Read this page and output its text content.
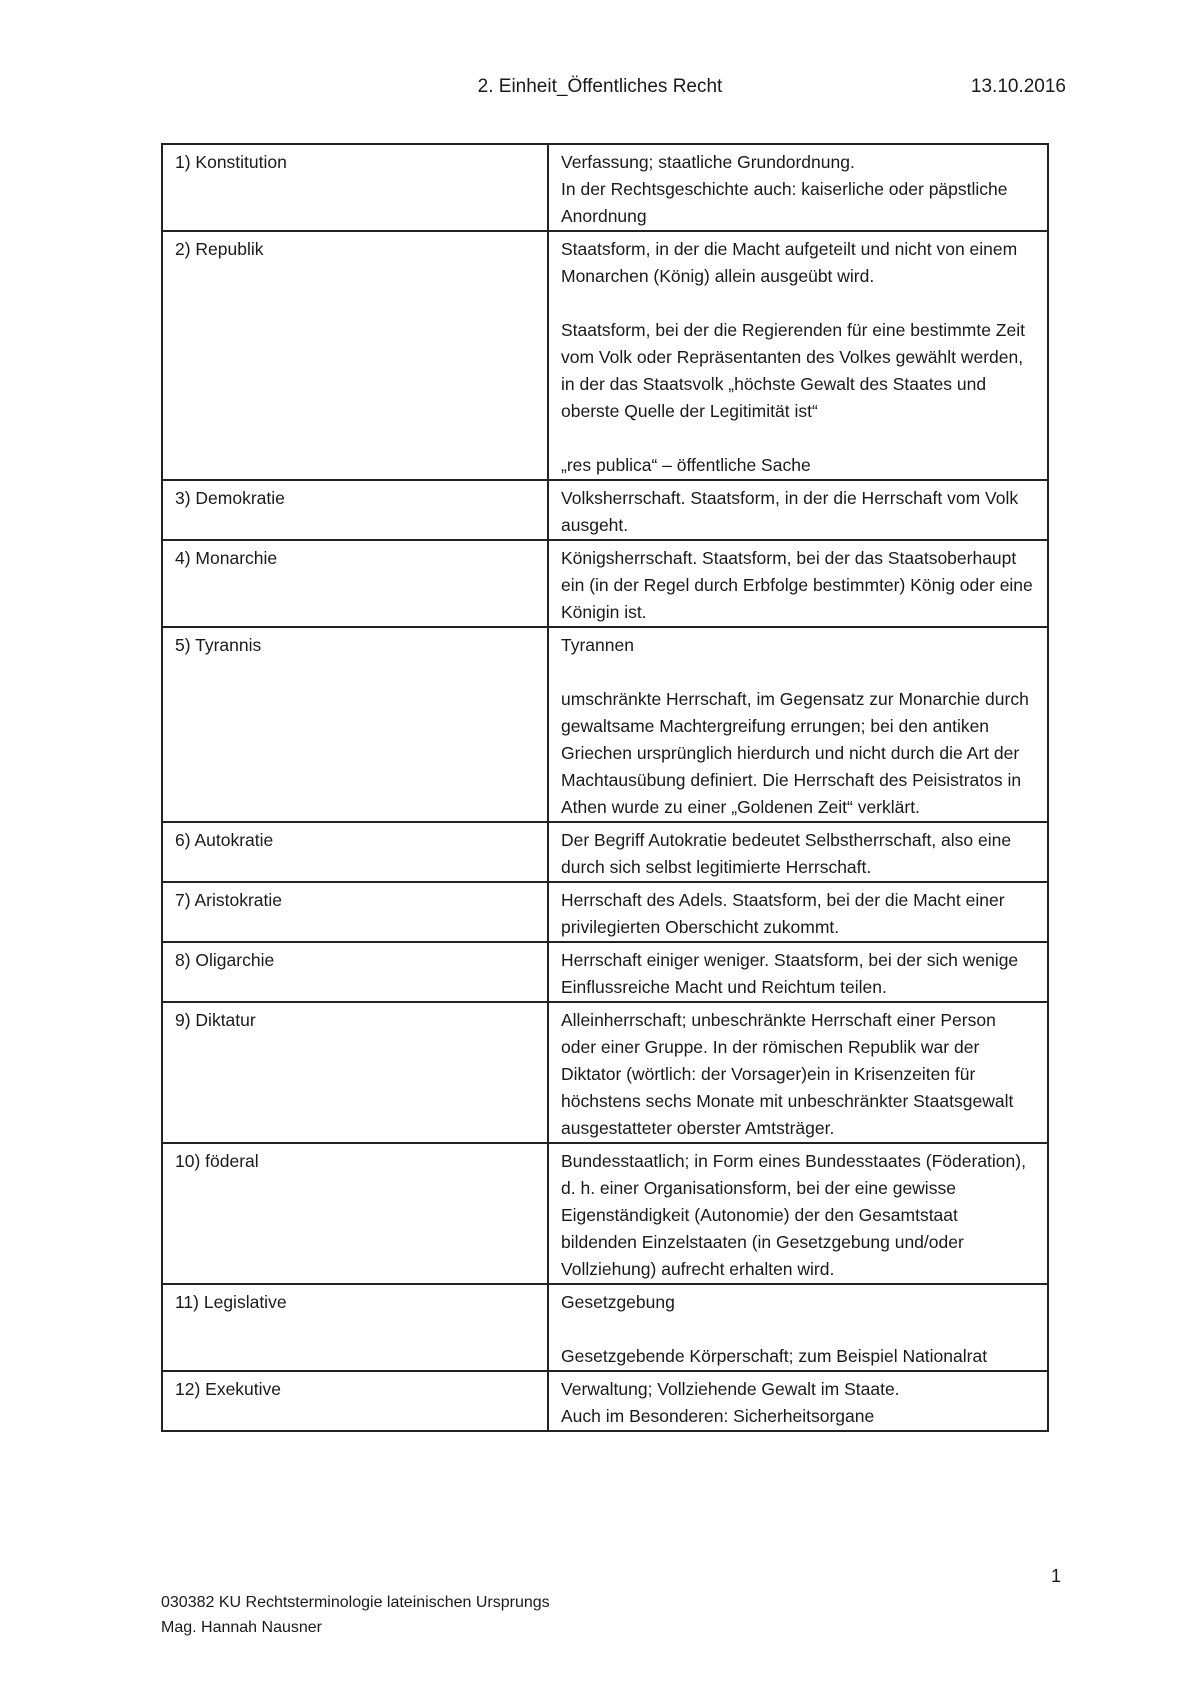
2. Einheit_Öffentliches Recht	13.10.2016
1) Konstitution	Verfassung; staatliche Grundordnung.
In der Rechtsgeschichte auch: kaiserliche oder päpstliche Anordnung

2) Republik	Staatsform, in der die Macht aufgeteilt und nicht von einem Monarchen (König) allein ausgeübt wird.
Staatsform, bei der die Regierenden für eine bestimmte Zeit vom Volk oder Repräsentanten des Volkes gewählt werden, in der das Staatsvolk „höchste Gewalt des Staates und oberste Quelle der Legitimität ist“
„res publica“ – öffentliche Sache

3) Demokratie	Volksherrschaft. Staatsform, in der die Herrschaft vom Volk ausgeht.

4) Monarchie	Königsherrschaft. Staatsform, bei der das Staatsoberhaupt ein (in der Regel durch Erbfolge bestimmter) König oder eine Königin ist.

5) Tyrannis	Tyrannen
umschränkte Herrschaft, im Gegensatz zur Monarchie durch gewaltsame Machtergreifung errungen; bei den antiken Griechen ursprünglich hierdurch und nicht durch die Art der Machtausübung definiert. Die Herrschaft des Peisistratos in Athen wurde zu einer „Goldenen Zeit“ verklärt.

6) Autokratie	Der Begriff Autokratie bedeutet Selbstherrschaft, also eine durch sich selbst legitimierte Herrschaft.

7) Aristokratie	Herrschaft des Adels. Staatsform, bei der die Macht einer privilegierten Oberschicht zukommt.

8) Oligarchie	Herrschaft einiger weniger. Staatsform, bei der sich wenige Einflussreiche Macht und Reichtum teilen.

9) Diktatur	Alleinherrschaft; unbeschränkte Herrschaft einer Person oder einer Gruppe. In der römischen Republik war der Diktator (wörtlich: der Vorsager)ein in Krisenzeiten für höchstens sechs Monate mit unbeschränkter Staatsgewalt ausgestatteter oberster Amtsträger.

10) föderal	Bundesstaatlich; in Form eines Bundesstaates (Föderation), d. h. einer Organisationsform, bei der eine gewisse Eigenständigkeit (Autonomie) der den Gesamtstaat bildenden Einzelstaaten (in Gesetzgebung und/oder Vollziehung) aufrecht erhalten wird.

11) Legislative	Gesetzgebung
Gesetzgebende Körperschaft; zum Beispiel Nationalrat

12) Exekutive	Verwaltung; Vollziehende Gewalt im Staate.
Auch im Besonderen: Sicherheitsorgane
1
030382 KU Rechtsterminologie lateinischen Ursprungs
Mag. Hannah Nausner
